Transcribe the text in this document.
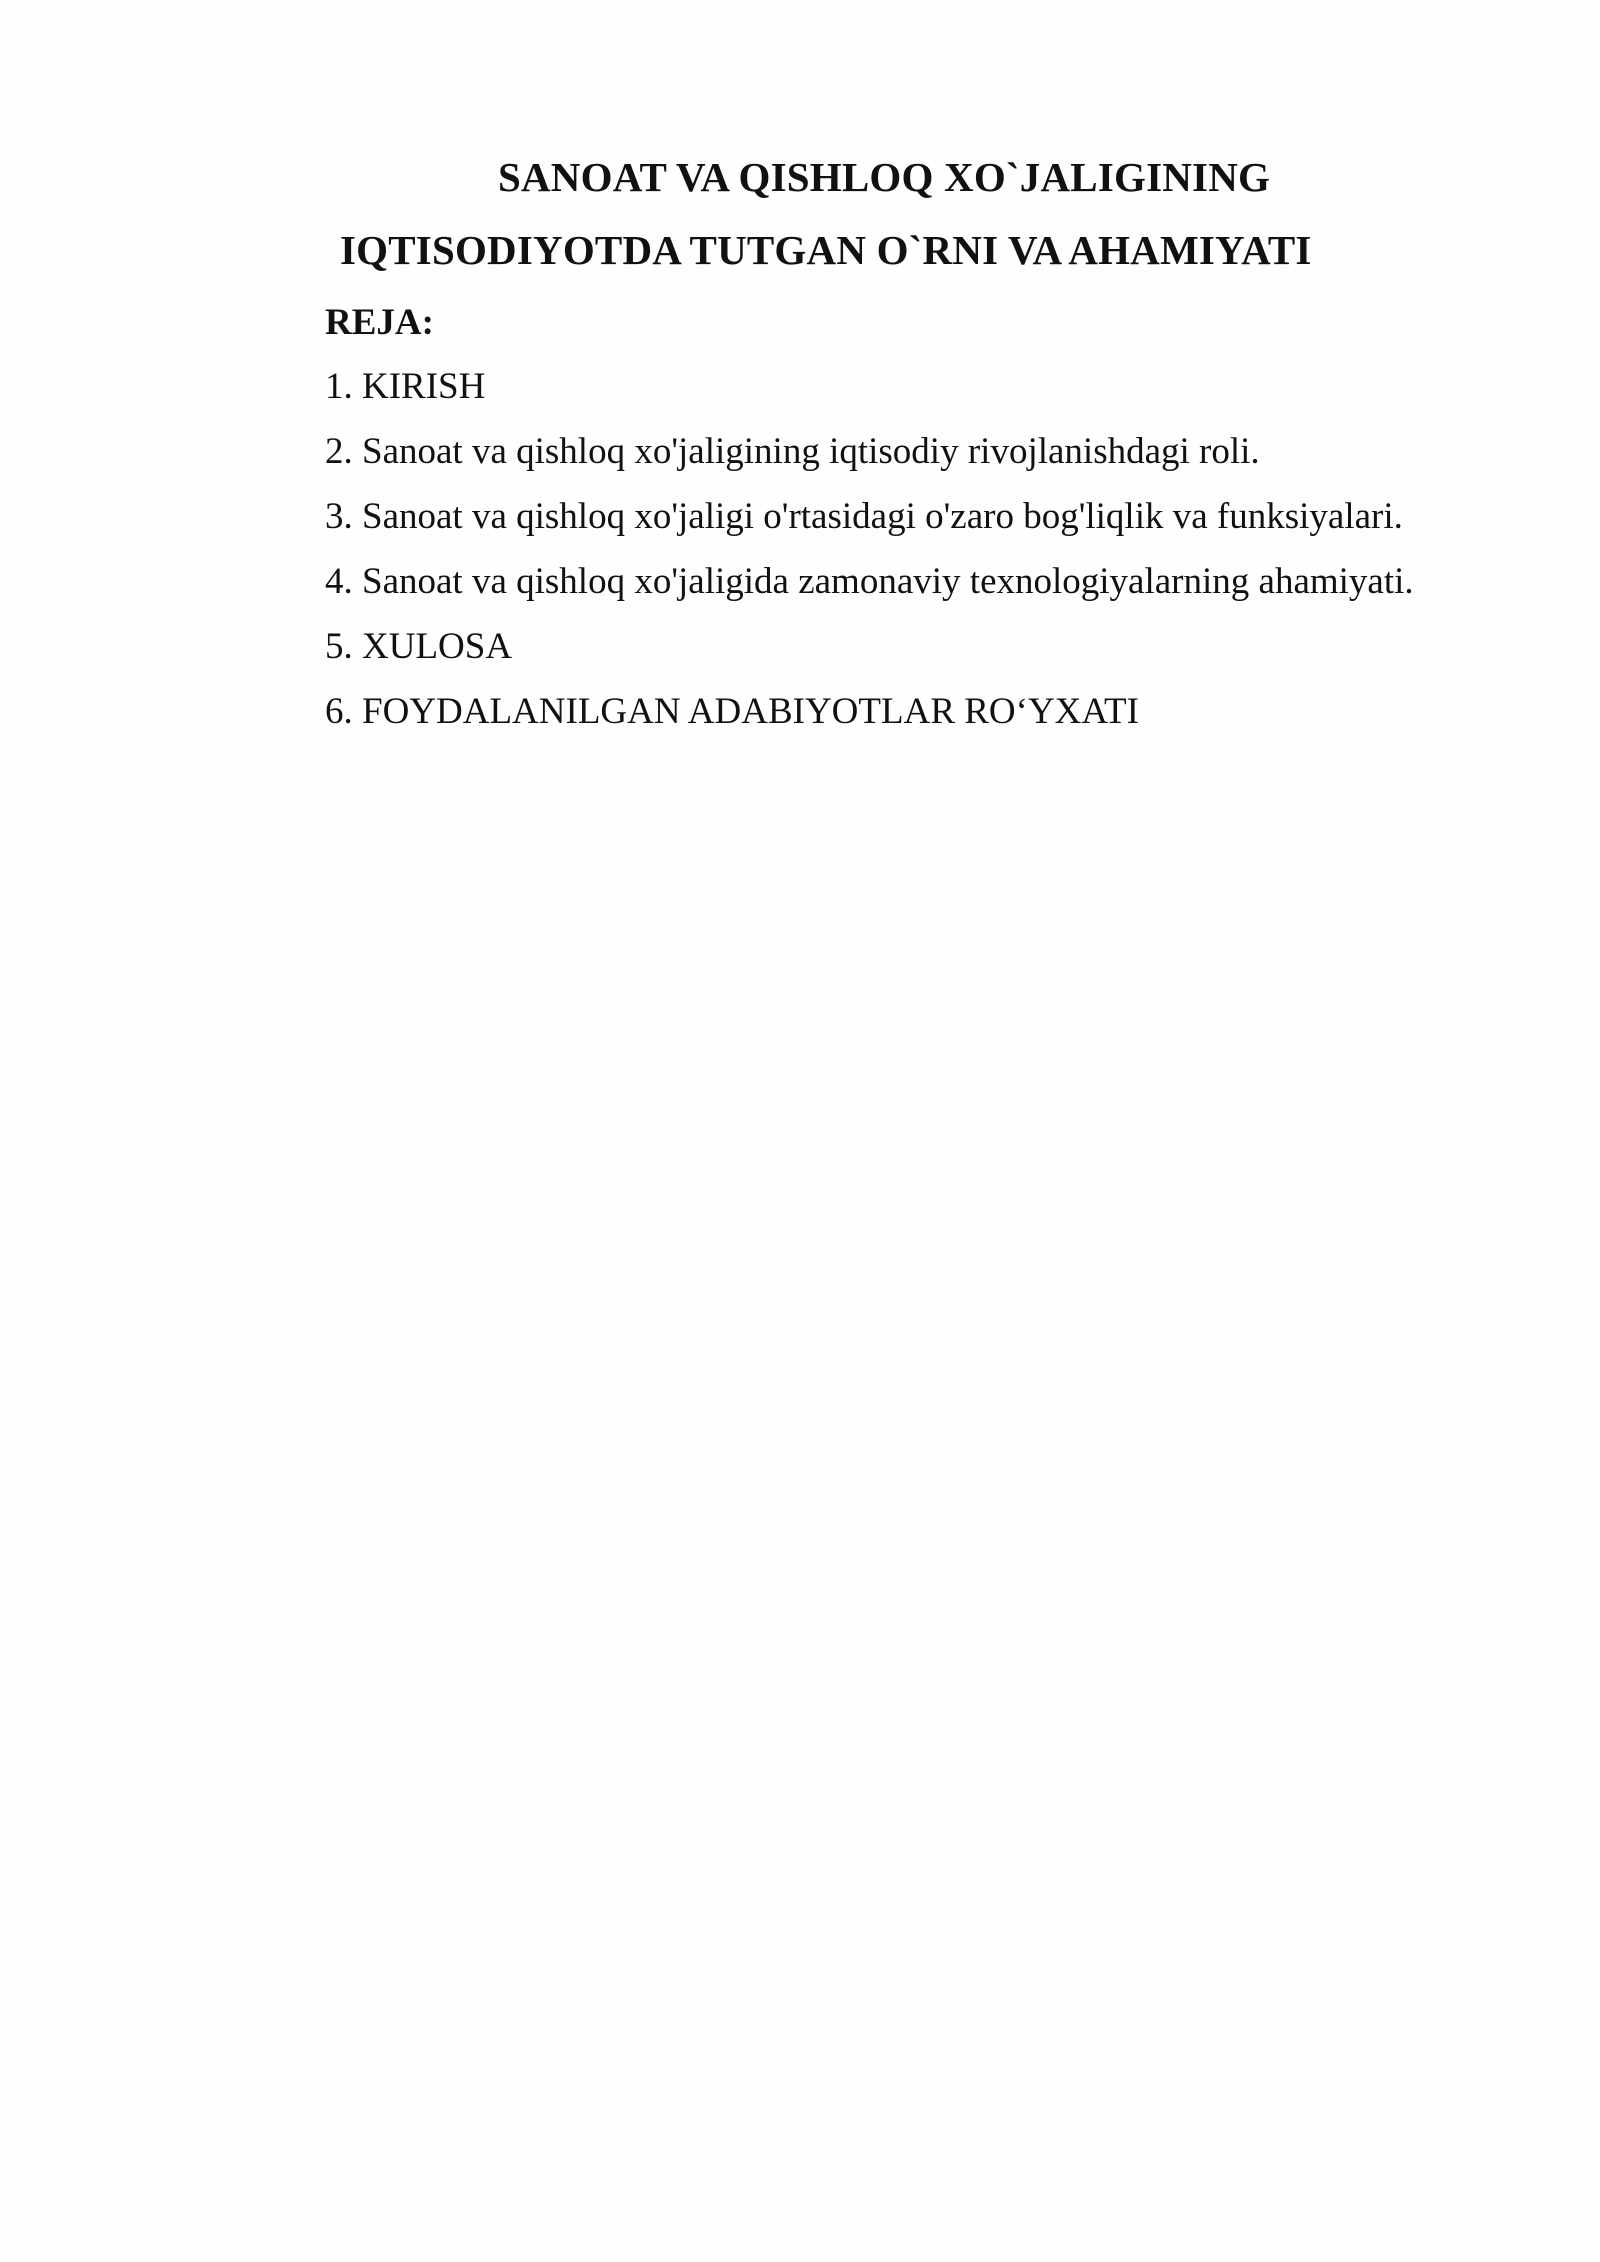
SANOAT VA QISHLOQ XO`JALIGINING
IQTISODIYOTDA TUTGAN O`RNI VA AHAMIYATI
REJA:
1. KIRISH
2. Sanoat va qishloq xo'jaligining iqtisodiy rivojlanishdagi roli.
3. Sanoat va qishloq xo'jaligi o'rtasidagi o'zaro bog'liqlik va funksiyalari.
4. Sanoat va qishloq xo'jaligida zamonaviy texnologiyalarning ahamiyati.
5. XULOSA
6. FOYDALANILGAN ADABIYOTLAR RO‘YXATI
